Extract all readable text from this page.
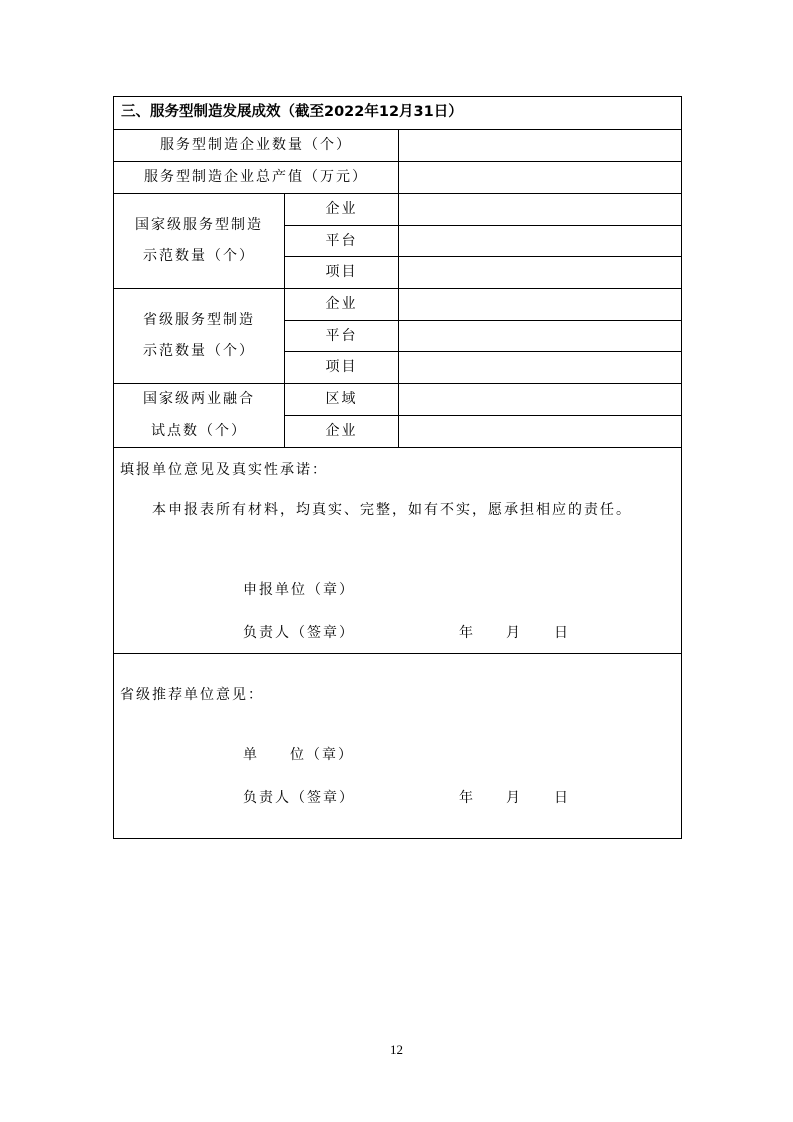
三、服务型制造发展成效（截至2022年12月31日）
服务型制造企业数量（个）
服务型制造企业总产值（万元）
国家级服务型制造
示范数量（个）
企业
平台
项目
省级服务型制造
示范数量（个）
企业
平台
项目
国家级两业融合
试点数（个）
区域
企业
填报单位意见及真实性承诺：
本申报表所有材料，均真实、完整，如有不实，愿承担相应的责任。
申报单位（章）
负责人（签章）	年 月 日
省级推荐单位意见：
单 位（章）
负责人（签章）	年 月 日
12
